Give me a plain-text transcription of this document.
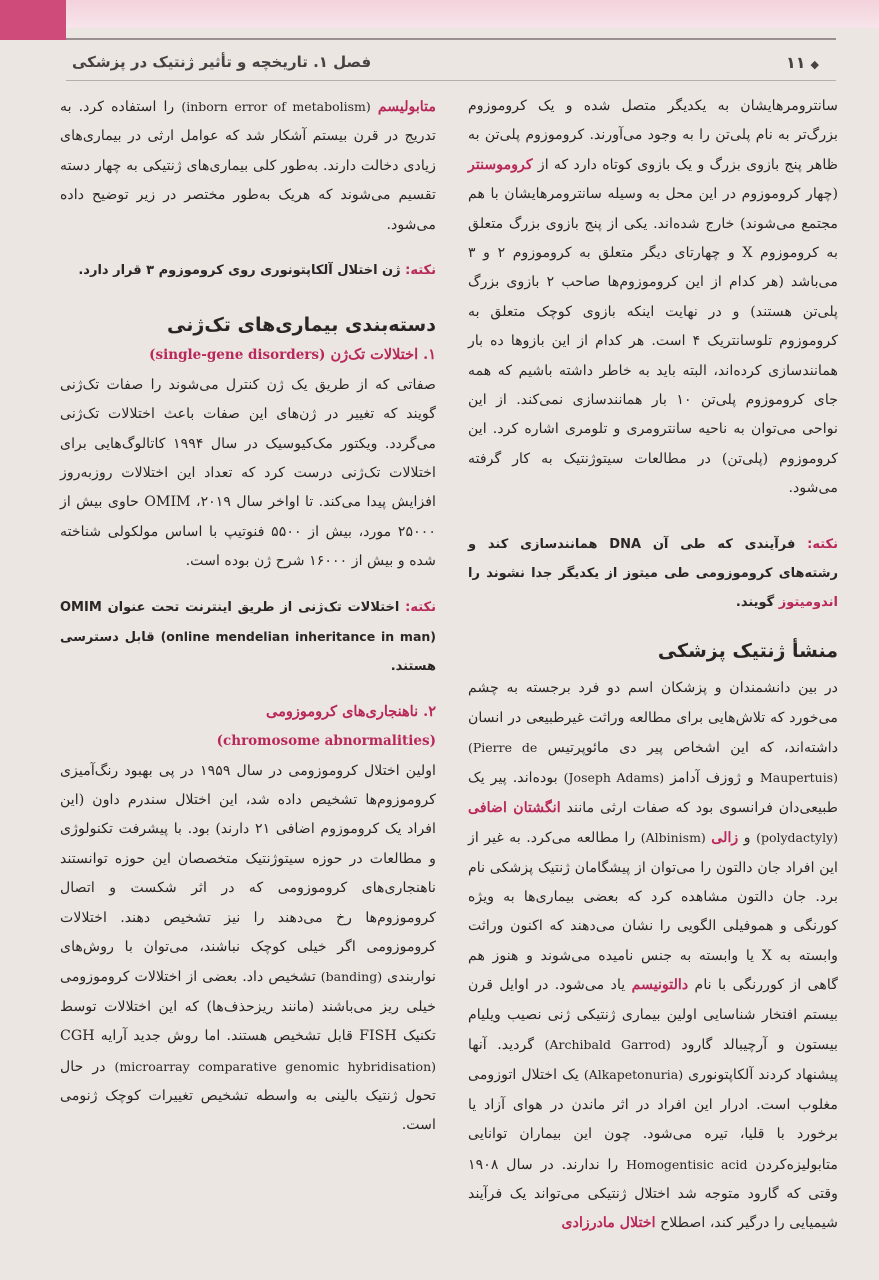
فصل ۱. تاریخچه و تأثیر ژنتیک در پزشکی	۱۱ ◆

سانترومرهایشان به یکدیگر متصل شده و یک کروموزوم بزرگ‌تر به نام پلی‌تن را به وجود می‌آورند. کروموزوم پلی‌تن به ظاهر پنج بازوی بزرگ و یک بازوی کوتاه دارد که از کروموسنتر (چهار کروموزوم در این محل به وسیله سانترومرهایشان با هم مجتمع می‌شوند) خارج شده‌اند. یکی از پنج بازوی بزرگ متعلق به کروموزوم X و چهارتای دیگر متعلق به کروموزوم ۲ و ۳ می‌باشد (هر کدام از این کروموزوم‌ها صاحب ۲ بازوی بزرگ پلی‌تن هستند) و در نهایت اینکه بازوی کوچک متعلق به کروموزوم تلوسانتریک ۴ است. هر کدام از این بازوها ده بار همانندسازی کرده‌اند، البته باید به خاطر داشته باشیم که همه جای کروموزوم پلی‌تن ۱۰ بار همانندسازی نمی‌کند. از این نواحی می‌توان به ناحیه سانترومری و تلومری اشاره کرد. این کروموزوم (پلی‌تن) در مطالعات سیتوژنتیک به کار گرفته می‌شود.

نکته: فرآیندی که طی آن DNA همانندسازی کند و رشته‌های کروموزومی طی میتوز از یکدیگر جدا نشوند را اندومیتوز گویند.

منشأ ژنتیک پزشکی

در بین دانشمندان و پزشکان اسم دو فرد برجسته به چشم می‌خورد که تلاش‌هایی برای مطالعه وراثت غیرطبیعی در انسان داشته‌اند، که این اشخاص پیر دی مائوپرتیس (Pierre de Maupertuis) و ژوزف آدامز (Joseph Adams) بوده‌اند. پیر یک طبیعی‌دان فرانسوی بود که صفات ارثی مانند انگشتان اضافی (polydactyly) و زالی (Albinism) را مطالعه می‌کرد. به غیر از این افراد جان دالتون را می‌توان از پیشگامان ژنتیک پزشکی نام برد. جان دالتون مشاهده کرد که بعضی بیماری‌ها به ویژه کورنگی و هموفیلی الگویی را نشان می‌دهند که اکنون وراثت وابسته به X یا وابسته به جنس نامیده می‌شوند و هنوز هم گاهی از کوررنگی با نام دالتونیسم یاد می‌شود. در اوایل قرن بیستم افتخار شناسایی اولین بیماری ژنتیکی ژنی نصیب ویلیام بیستون و آرچیبالد گارود (Archibald Garrod) گردید. آنها پیشنهاد کردند آلکاپتونوری (Alkapetonuria) یک اختلال اتوزومی مغلوب است. ادرار این افراد در اثر ماندن در هوای آزاد یا برخورد با قلیا، تیره می‌شود. چون این بیماران توانایی متابولیزه‌کردن Homogentisic acid را ندارند. در سال ۱۹۰۸ وقتی که گارود متوجه شد اختلال ژنتیکی می‌تواند یک فرآیند شیمیایی را درگیر کند، اصطلاح اختلال مادرزادی

متابولیسم (inborn error of metabolism) را استفاده کرد. به تدریج در قرن بیستم آشکار شد که عوامل ارثی در بیماری‌های زیادی دخالت دارند. به‌طور کلی بیماری‌های ژنتیکی به چهار دسته تقسیم می‌شوند که هریک به‌طور مختصر در زیر توضیح داده می‌شود.

نکته: ژن اختلال آلکاپتونوری روی کروموزوم ۳ قرار دارد.

دسته‌بندی بیماری‌های تک‌ژنی

۱. اختلالات تک‌ژن (single-gene disorders)

صفاتی که از طریق یک ژن کنترل می‌شوند را صفات تک‌ژنی گویند که تغییر در ژن‌های این صفات باعث اختلالات تک‌ژنی می‌گردد. ویکتور مک‌کیوسیک در سال ۱۹۹۴ کاتالوگ‌هایی برای اختلالات تک‌ژنی درست کرد که تعداد این اختلالات روزبه‌روز افزایش پیدا می‌کند. تا اواخر سال ۲۰۱۹، OMIM حاوی بیش از ۲۵۰۰۰ مورد، بیش از ۵۵۰۰ فنوتیپ با اساس مولکولی شناخته شده و بیش از ۱۶۰۰۰ شرح ژن بوده است.

نکته: اختلالات تک‌ژنی از طریق اینترنت تحت عنوان OMIM (online mendelian inheritance in man) قابل دسترسی هستند.

۲. ناهنجاری‌های کروموزومی

(chromosome abnormalities)

اولین اختلال کروموزومی در سال ۱۹۵۹ در پی بهبود رنگ‌آمیزی کروموزوم‌ها تشخیص داده شد، این اختلال سندرم داون (این افراد یک کروموزوم اضافی ۲۱ دارند) بود. با پیشرفت تکنولوژی و مطالعات در حوزه سیتوژنتیک متخصصان این حوزه توانستند ناهنجاری‌های کروموزومی که در اثر شکست و اتصال کروموزوم‌ها رخ می‌دهند را نیز تشخیص دهند. اختلالات کروموزومی اگر خیلی کوچک نباشند، می‌توان با روش‌های نواربندی (banding) تشخیص داد. بعضی از اختلالات کروموزومی خیلی ریز می‌باشند (مانند ریزحذف‌ها) که این اختلالات توسط تکنیک FISH قابل تشخیص هستند. اما روش جدید آرایه CGH (microarray comparative genomic hybridisation) در حال تحول ژنتیک بالینی به واسطه تشخیص تغییرات کوچک ژنومی است.
